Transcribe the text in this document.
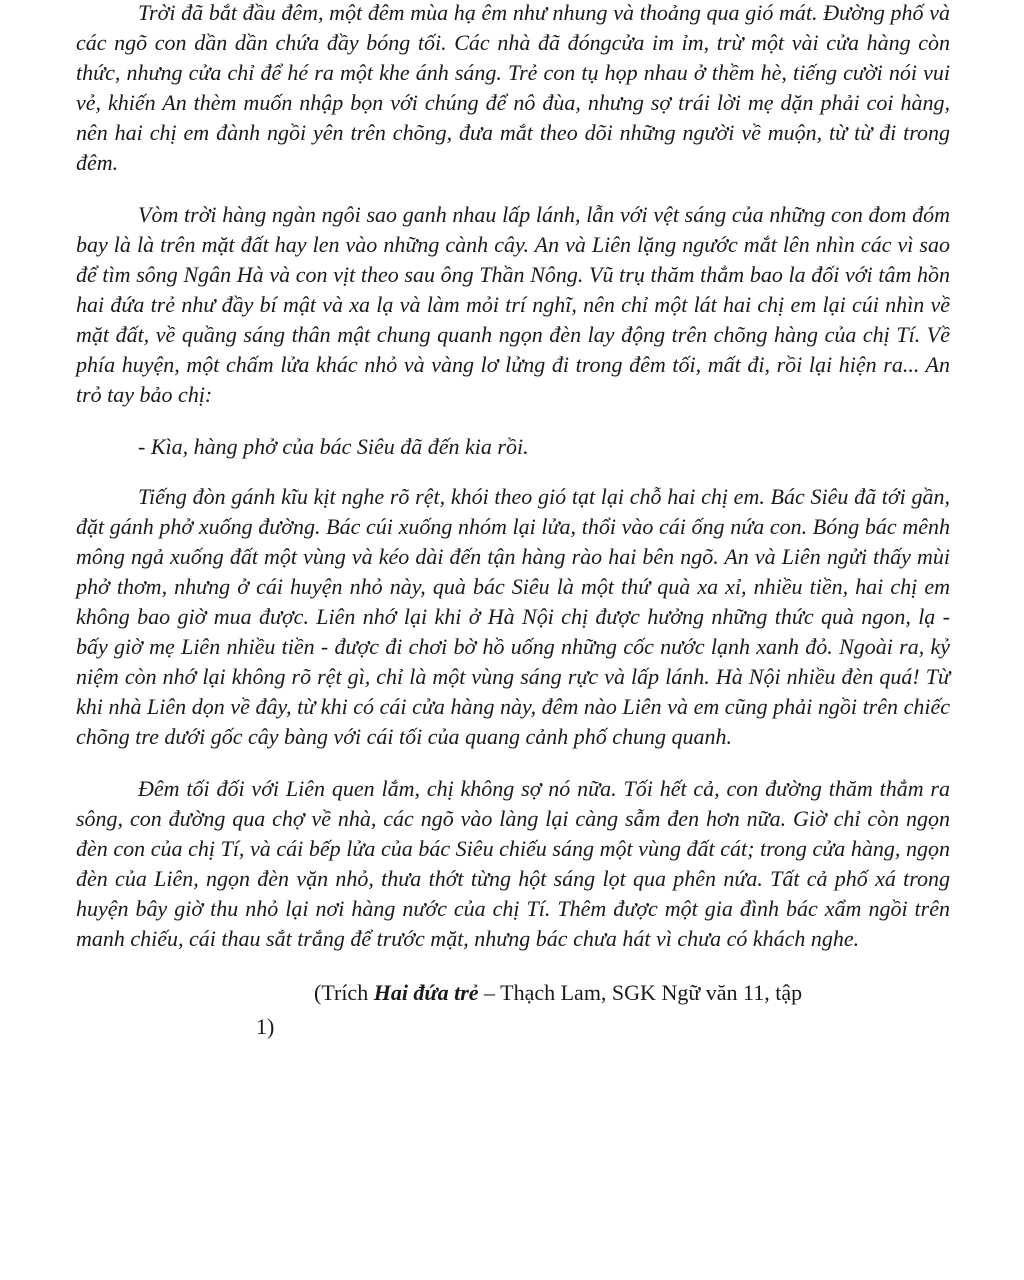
Trời đã bắt đầu đêm, một đêm mùa hạ êm như nhung và thoảng qua gió mát. Đường phố và các ngõ con dần dần chứa đầy bóng tối. Các nhà đã đóngcửa im ỉm, trừ một vài cửa hàng còn thức, nhưng cửa chỉ để hé ra một khe ánh sáng. Trẻ con tụ họp nhau ở thềm hè, tiếng cười nói vui vẻ, khiến An thèm muốn nhập bọn với chúng để nô đùa, nhưng sợ trái lời mẹ dặn phải coi hàng, nên hai chị em đành ngồi yên trên chõng, đưa mắt theo dõi những người về muộn, từ từ đi trong đêm.

Vòm trời hàng ngàn ngôi sao ganh nhau lấp lánh, lẫn với vệt sáng của những con đom đóm bay là là trên mặt đất hay len vào những cành cây. An và Liên lặng ngước mắt lên nhìn các vì sao để tìm sông Ngân Hà và con vịt theo sau ông Thần Nông. Vũ trụ thăm thẳm bao la đối với tâm hồn hai đứa trẻ như đầy bí mật và xa lạ và làm mỏi trí nghĩ, nên chỉ một lát hai chị em lại cúi nhìn về mặt đất, về quầng sáng thân mật chung quanh ngọn đèn lay động trên chõng hàng của chị Tí. Về phía huyện, một chấm lửa khác nhỏ và vàng lơ lửng đi trong đêm tối, mất đi, rồi lại hiện ra... An trỏ tay bảo chị:

- Kìa, hàng phở của bác Siêu đã đến kia rồi.

Tiếng đòn gánh kĩu kịt nghe rõ rệt, khói theo gió tạt lại chỗ hai chị em. Bác Siêu đã tới gần, đặt gánh phở xuống đường. Bác cúi xuống nhóm lại lửa, thổi vào cái ống nứa con. Bóng bác mênh mông ngả xuống đất một vùng và kéo dài đến tận hàng rào hai bên ngõ. An và Liên ngửi thấy mùi phở thơm, nhưng ở cái huyện nhỏ này, quà bác Siêu là một thứ quà xa xỉ, nhiều tiền, hai chị em không bao giờ mua được. Liên nhớ lại khi ở Hà Nội chị được hưởng những thức quà ngon, lạ - bấy giờ mẹ Liên nhiều tiền - được đi chơi bờ hồ uống những cốc nước lạnh xanh đỏ. Ngoài ra, kỷ niệm còn nhớ lại không rõ rệt gì, chỉ là một vùng sáng rực và lấp lánh. Hà Nội nhiều đèn quá! Từ khi nhà Liên dọn về đây, từ khi có cái cửa hàng này, đêm nào Liên và em cũng phải ngồi trên chiếc chõng tre dưới gốc cây bàng với cái tối của quang cảnh phố chung quanh.

Đêm tối đối với Liên quen lắm, chị không sợ nó nữa. Tối hết cả, con đường thăm thẳm ra sông, con đường qua chợ về nhà, các ngõ vào làng lại càng sẫm đen hơn nữa. Giờ chỉ còn ngọn đèn con của chị Tí, và cái bếp lửa của bác Siêu chiếu sáng một vùng đất cát; trong cửa hàng, ngọn đèn của Liên, ngọn đèn vặn nhỏ, thưa thớt từng hột sáng lọt qua phên nứa. Tất cả phố xá trong huyện bây giờ thu nhỏ lại nơi hàng nước của chị Tí. Thêm được một gia đình bác xẩm ngồi trên manh chiếu, cái thau sắt trắng để trước mặt, nhưng bác chưa hát vì chưa có khách nghe.

(Trích Hai đứa trẻ – Thạch Lam, SGK Ngữ văn 11, tập
1)
